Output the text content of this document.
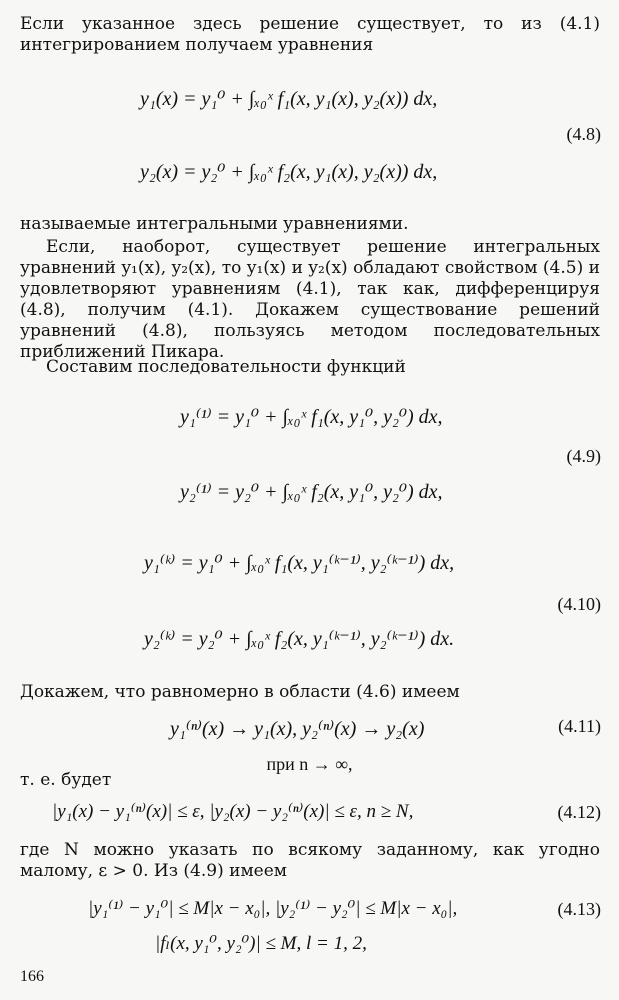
Если указанное здесь решение существует, то из (4.1) интегрированием получаем уравнения
y₁(x) = y₁⁰ + ∫ₓ₀ˣ f₁(x, y₁(x), y₂(x)) dx,
(4.8)
y₂(x) = y₂⁰ + ∫ₓ₀ˣ f₂(x, y₁(x), y₂(x)) dx,
называемые интегральными уравнениями.
Если, наоборот, существует решение интегральных уравнений y₁(x), y₂(x), то y₁(x) и y₂(x) обладают свойством (4.5) и удовлетворяют уравнениям (4.1), так как, дифференцируя (4.8), получим (4.1). Докажем существование решений уравнений (4.8), пользуясь методом последовательных приближений Пикара.
Составим последовательности функций
y₁⁽¹⁾ = y₁⁰ + ∫ₓ₀ˣ f₁(x, y₁⁰, y₂⁰) dx,
(4.9)
y₂⁽¹⁾ = y₂⁰ + ∫ₓ₀ˣ f₂(x, y₁⁰, y₂⁰) dx,
y₁⁽ᵏ⁾ = y₁⁰ + ∫ₓ₀ˣ f₁(x, y₁⁽ᵏ⁻¹⁾, y₂⁽ᵏ⁻¹⁾) dx,
(4.10)
y₂⁽ᵏ⁾ = y₂⁰ + ∫ₓ₀ˣ f₂(x, y₁⁽ᵏ⁻¹⁾, y₂⁽ᵏ⁻¹⁾) dx.
Докажем, что равномерно в области (4.6) имеем
y₁⁽ⁿ⁾(x) → y₁(x), y₂⁽ⁿ⁾(x) → y₂(x)	(4.11)
при n → ∞,
т. е. будет
|y₁(x) − y₁⁽ⁿ⁾(x)| ≤ ε, |y₂(x) − y₂⁽ⁿ⁾(x)| ≤ ε, n ≥ N,	(4.12)
где N можно указать по всякому заданному, как угодно малому, ε > 0. Из (4.9) имеем
|y₁⁽¹⁾ − y₁⁰| ≤ M|x − x₀|, |y₂⁽¹⁾ − y₂⁰| ≤ M|x − x₀|,	(4.13)
|fₗ(x, y₁⁰, y₂⁰)| ≤ M, l = 1, 2,
166
